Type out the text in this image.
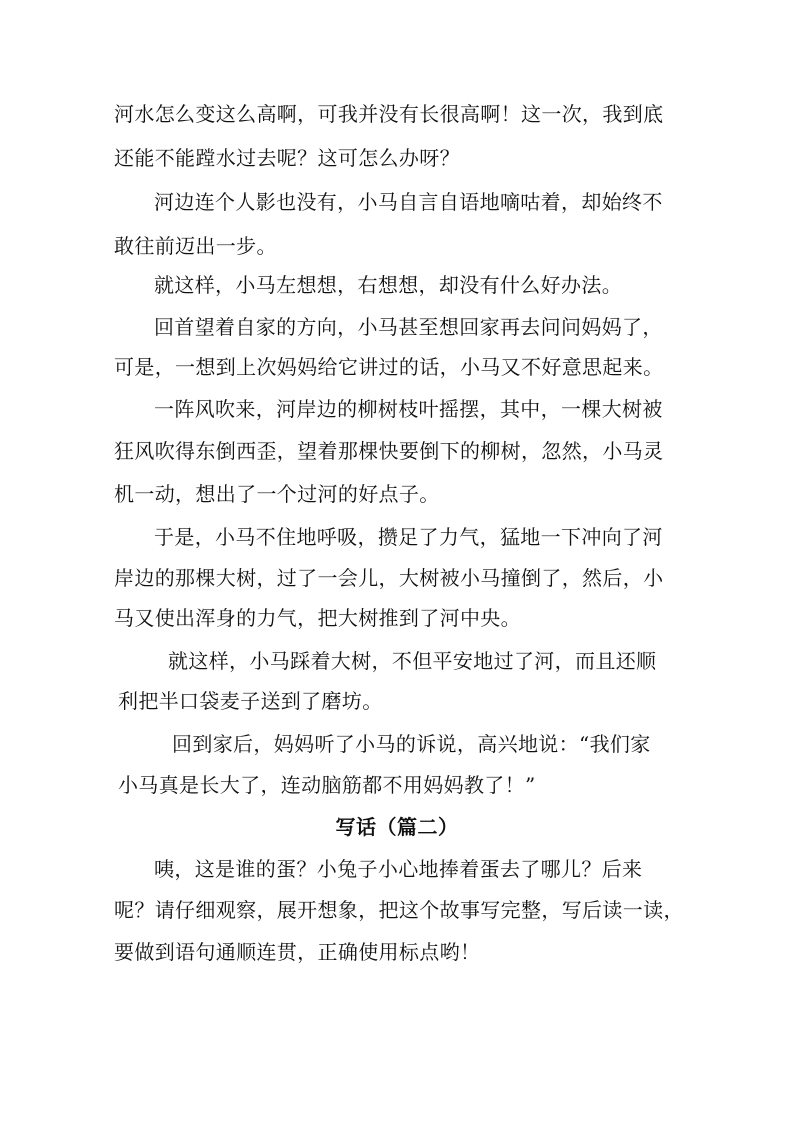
河水怎么变这么高啊，可我并没有长很高啊！这一次，我到底
还能不能蹚水过去呢？这可怎么办呀？
河边连个人影也没有，小马自言自语地嘀咕着，却始终不
敢往前迈出一步。
就这样，小马左想想，右想想，却没有什么好办法。
回首望着自家的方向，小马甚至想回家再去问问妈妈了，
可是，一想到上次妈妈给它讲过的话，小马又不好意思起来。
一阵风吹来，河岸边的柳树枝叶摇摆，其中，一棵大树被
狂风吹得东倒西歪，望着那棵快要倒下的柳树，忽然，小马灵
机一动，想出了一个过河的好点子。
于是，小马不住地呼吸，攒足了力气，猛地一下冲向了河
岸边的那棵大树，过了一会儿，大树被小马撞倒了，然后，小
马又使出浑身的力气，把大树推到了河中央。
就这样，小马踩着大树，不但平安地过了河，而且还顺
利把半口袋麦子送到了磨坊。
回到家后，妈妈听了小马的诉说，高兴地说：“我们家
小马真是长大了，连动脑筋都不用妈妈教了！”
写话（篇二）
咦，这是谁的蛋？小兔子小心地捧着蛋去了哪儿？后来
呢？请仔细观察，展开想象，把这个故事写完整，写后读一读，
要做到语句通顺连贯，正确使用标点哟！
